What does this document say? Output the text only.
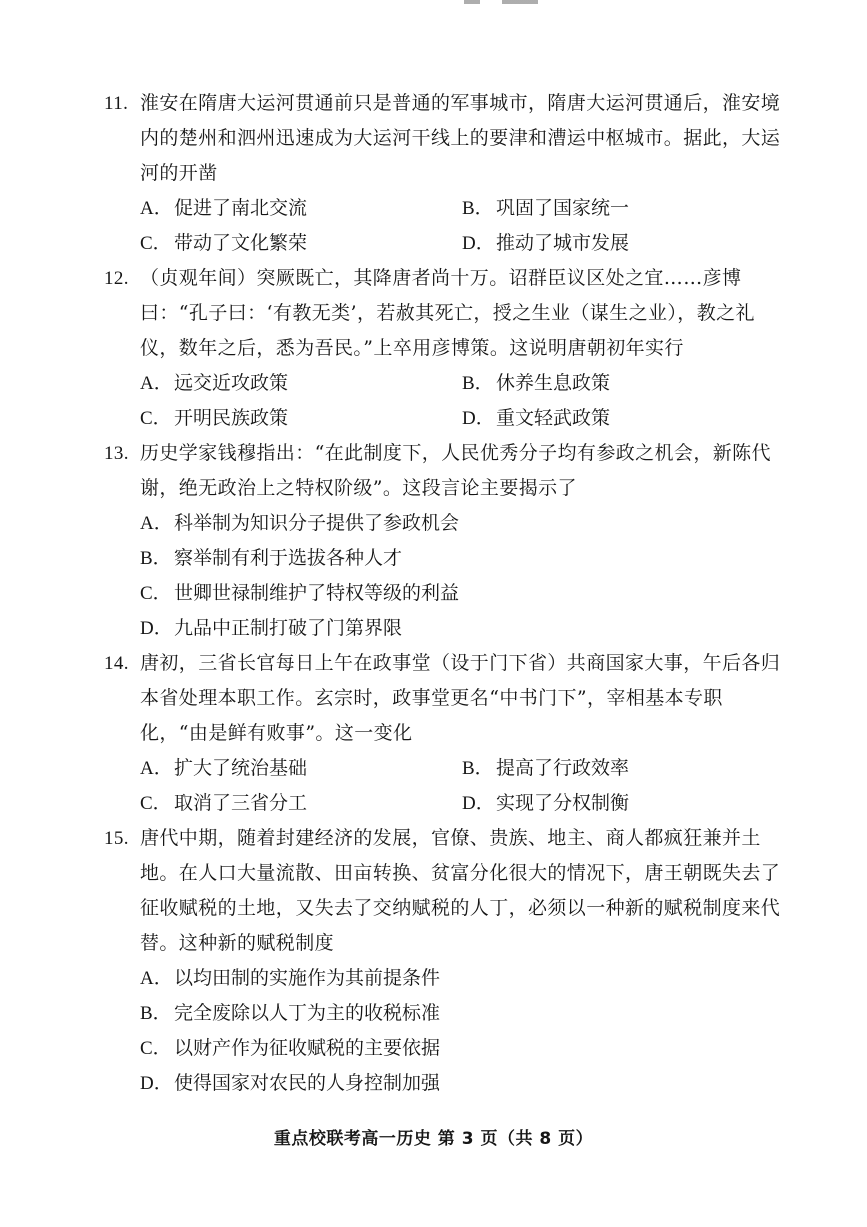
11. 淮安在隋唐大运河贯通前只是普通的军事城市，隋唐大运河贯通后，淮安境内的楚州和泗州迅速成为大运河干线上的要津和漕运中枢城市。据此，大运河的开凿
A． 促进了南北交流	B． 巩固了国家统一
C． 带动了文化繁荣	D． 推动了城市发展
12. （贞观年间）突厥既亡，其降唐者尚十万。诏群臣议区处之宜……彦博曰：“孔子曰：‘有教无类’，若赦其死亡，授之生业（谋生之业），教之礼仪，数年之后，悉为吾民。”上卒用彦博策。这说明唐朝初年实行
A． 远交近攻政策	B． 休养生息政策
C． 开明民族政策	D． 重文轻武政策
13. 历史学家钱穆指出：“在此制度下，人民优秀分子均有参政之机会，新陈代谢，绝无政治上之特权阶级”。这段言论主要揭示了
A． 科举制为知识分子提供了参政机会
B． 察举制有利于选拔各种人才
C． 世卿世禄制维护了特权等级的利益
D． 九品中正制打破了门第界限
14. 唐初，三省长官每日上午在政事堂（设于门下省）共商国家大事，午后各归本省处理本职工作。玄宗时，政事堂更名“中书门下”，宰相基本专职化，“由是鲜有败事”。这一变化
A． 扩大了统治基础	B． 提高了行政效率
C． 取消了三省分工	D． 实现了分权制衡
15. 唐代中期，随着封建经济的发展，官僚、贵族、地主、商人都疯狂兼并土地。在人口大量流散、田亩转换、贫富分化很大的情况下，唐王朝既失去了征收赋税的土地，又失去了交纳赋税的人丁，必须以一种新的赋税制度来代替。这种新的赋税制度
A． 以均田制的实施作为其前提条件
B． 完全废除以人丁为主的收税标准
C． 以财产作为征收赋税的主要依据
D． 使得国家对农民的人身控制加强
重点校联考高一历史 第 3 页（共 8 页）
